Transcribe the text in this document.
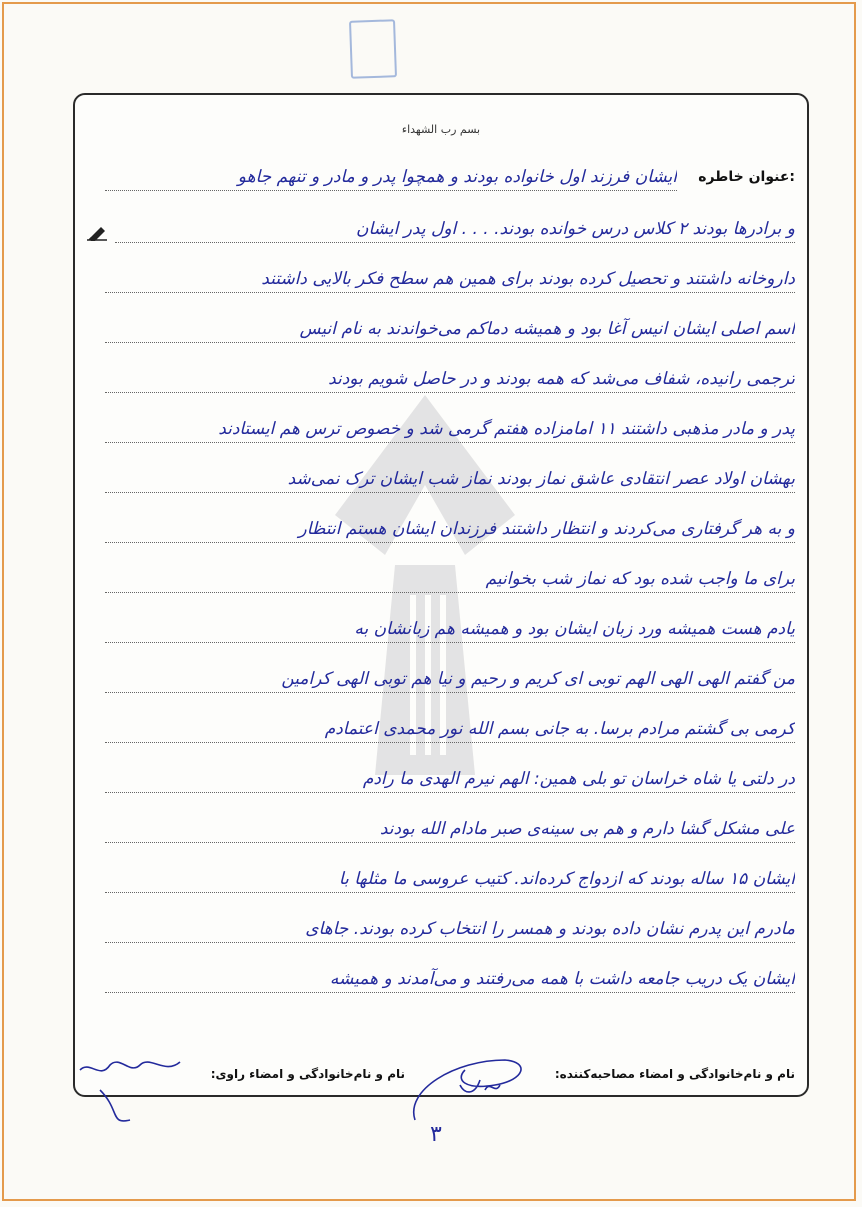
بسم رب الشهداء
عنوان خاطره:
ایشان فرزند اول خانواده بودند و همچوا پدر و مادر و تنهم جاهو
و برادرها بودند ۲ کلاس درس خوانده بودند. . . . اول پدر ایشان
داروخانه داشتند و تحصیل کرده بودند برای همین هم سطح فکر بالایی داشتند
اسم اصلی ایشان انیس آغا بود و همیشه دماکم می‌خواندند به نام انیس
ترجمی رانیده، شفاف می‌شد که همه بودند و در حاصل شویم بودند
پدر و مادر مذهبی داشتند ۱۱ امامزاده هفتم گرمی شد و خصوص ترس هم ایستادند
بهشان اولاد عصر انتقادی عاشق نماز بودند نماز شب ایشان ترک نمی‌شد
و به هر گرفتاری می‌کردند و انتظار داشتند فرزندان ایشان هستم انتظار
برای ما واجب شده بود که نماز شب بخوانیم
یادم هست همیشه ورد زبان ایشان بود و همیشه هم زبانشان به
من گفتم الهی الهی الهم توبی ای کریم و رحیم و نیا هم توبی الهی کرامین
کرمی بی گشتم مرادم برسا. به جانی بسم الله نور محمدی اعتمادم
در دلتی یا شاه خراسان تو بلی همین: الهم نیرم الهدی ما رادم
علی مشکل گشا دارم و هم بی سینه‌ی صبر مادام الله بودند
ایشان ۱۵ ساله بودند که ازدواج کرده‌اند. کتیب عروسی ما مثلها با
مادرم این پدرم نشان داده بودند و همسر را انتخاب کرده بودند. جاهای
ایشان یک دریب جامعه داشت با همه می‌رفتند و می‌آمدند و همیشه
نام و نام‌خانوادگی و امضاء مصاحبه‌کننده:
نام و نام‌خانوادگی و امضاء راوی:
۳
